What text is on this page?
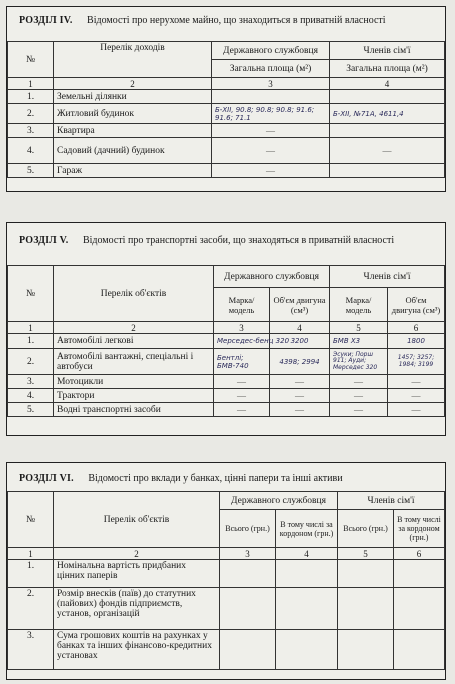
РОЗДІЛ IV. Відомості про нерухоме майно, що знаходиться в приватній власності
№	Перелік доходів	Державного службовця	Членів сім'ї
		Загальна площа (м²)	Загальна площа (м²)
1	2	3	4
1.	Земельні ділянки		
2.	Житловий будинок	Б-ХІІ, 90.8; 90.8; 90.8; 91.6; 91.6; 71.1	Б-ХІІ, №71А, 4611,4
3.	Квартира	—	
4.	Садовий (дачний) будинок	—	—
5.	Гараж	—	
РОЗДІЛ V. Відомості про транспортні засоби, що знаходяться в приватній власності
№	Перелік об'єктів	Державного службовця		Членів сім'ї	
		Марка/ модель	Об'єм двигуна (см³)	Марка/ модель	Об'єм двигуна (см³)
1	2	3	4	5	6
1.	Автомобілі легкові	Мерседес-бенц 320	3200	БМВ Х3	1800
2.	Автомобілі вантажні, спеціальні і автобуси	Бентлі; БМВ-740	4398; 2994	Эсуки; Порш 911; Ауди; Мерседес 320	1457; 3257; 1984; 3199
3.	Мотоцикли	—	—	—	—
4.	Трактори	—	—	—	—
5.	Водні транспортні засоби	—	—	—	—
РОЗДІЛ VI. Відомості про вклади у банках, цінні папери та інші активи
№	Перелік об'єктів	Державного службовця		Членів сім'ї	
		Всього (грн.)	В тому числі за кордоном (грн.)	Всього (грн.)	В тому числі за кордоном (грн.)
1	2	3	4	5	6
1.	Номінальна вартість придбаних цінних паперів				
2.	Розмір внесків (паїв) до статутних (пайових) фондів підприємств, установ, організацій				
3.	Сума грошових коштів на рахунках у банках та інших фінансово-кредитних установах				
